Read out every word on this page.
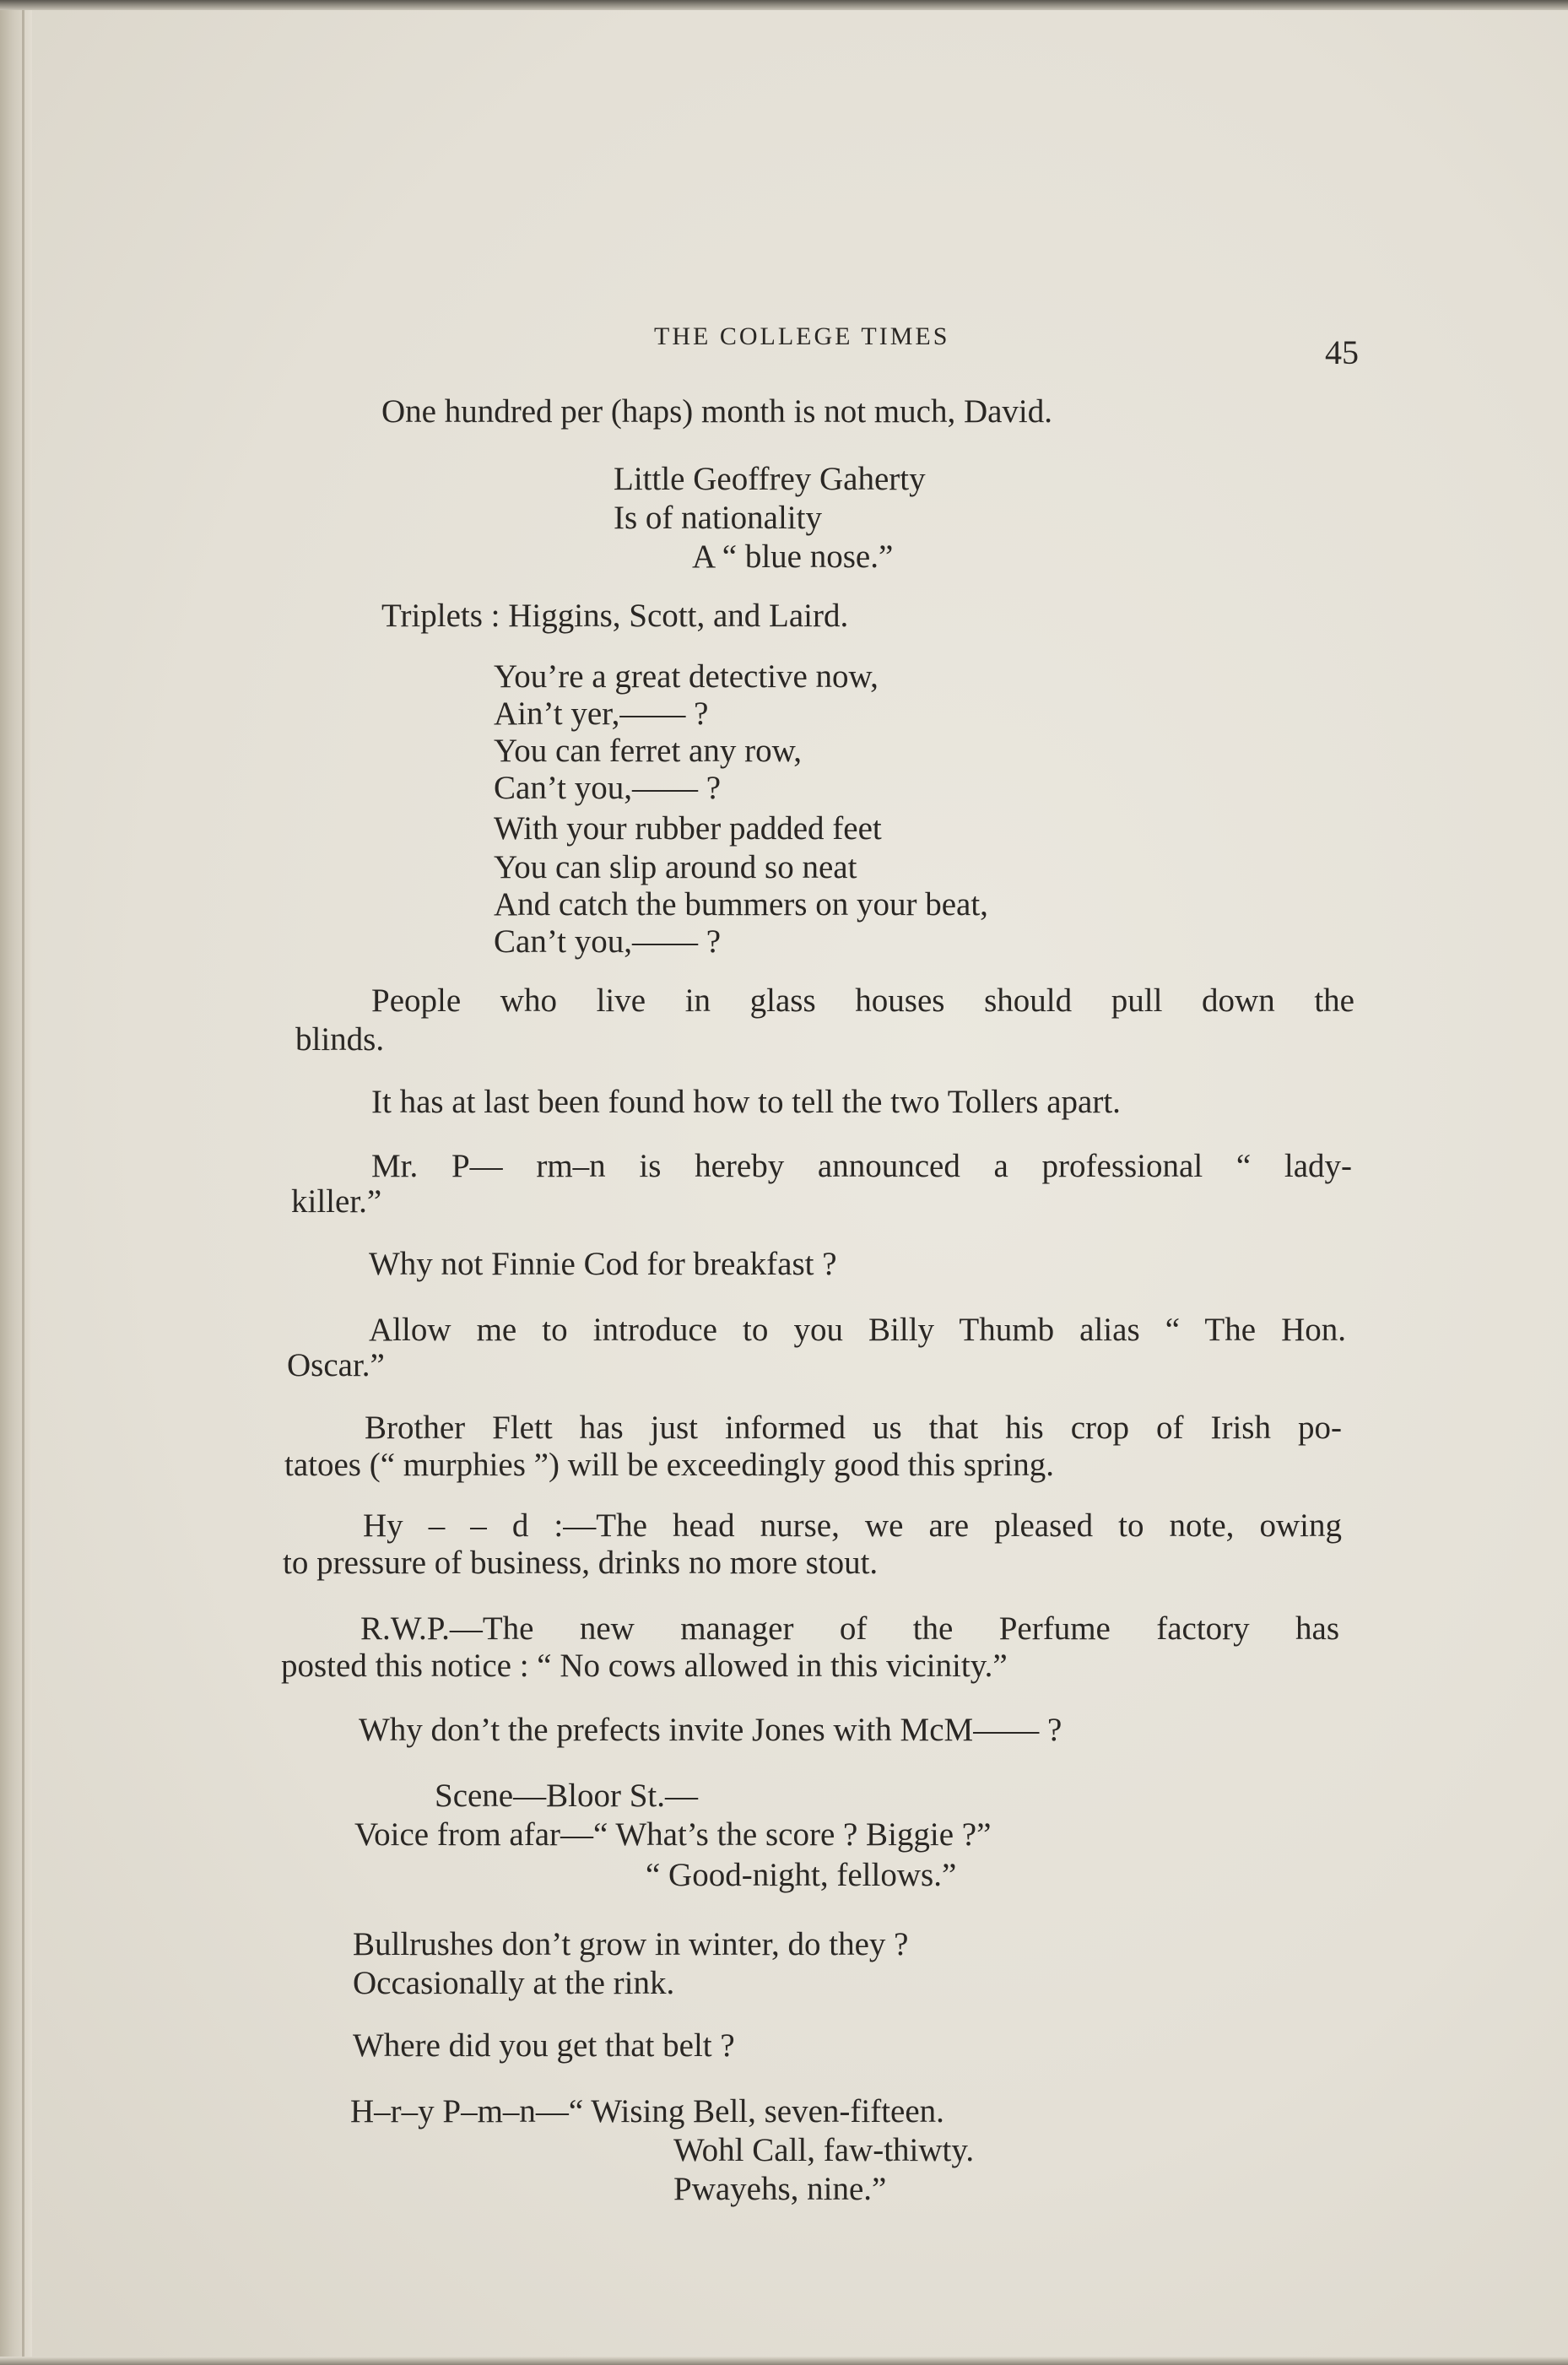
THE COLLEGE TIMES	45
One hundred per (haps) month is not much, David.
Little Geoffrey Gaherty
Is of nationality
A “ blue nose.”
Triplets : Higgins, Scott, and Laird.
You’re a great detective now,
Ain’t yer,—— ?
You can ferret any row,
Can’t you,—— ?
With your rubber padded feet
You can slip around so neat
And catch the bummers on your beat,
Can’t you,—— ?
People who live in glass houses should pull down the
blinds.
It has at last been found how to tell the two Tollers apart.
Mr. P— rm–n is hereby announced a professional “ lady-
killer.”
Why not Finnie Cod for breakfast ?
Allow me to introduce to you Billy Thumb alias “ The Hon.
Oscar.”
Brother Flett has just informed us that his crop of Irish po-
tatoes (“ murphies ”) will be exceedingly good this spring.
Hy – – d :—The head nurse, we are pleased to note, owing
to pressure of business, drinks no more stout.
R.W.P.—The new manager of the Perfume factory has
posted this notice : “ No cows allowed in this vicinity.”
Why don’t the prefects invite Jones with McM—— ?
Scene—Bloor St.—
Voice from afar—“ What’s the score ? Biggie ?”
“ Good-night, fellows.”
Bullrushes don’t grow in winter, do they ?
Occasionally at the rink.
Where did you get that belt ?
H–r–y P–m–n—“ Wising Bell, seven-fifteen.
Wohl Call, faw-thiwty.
Pwayehs, nine.”
